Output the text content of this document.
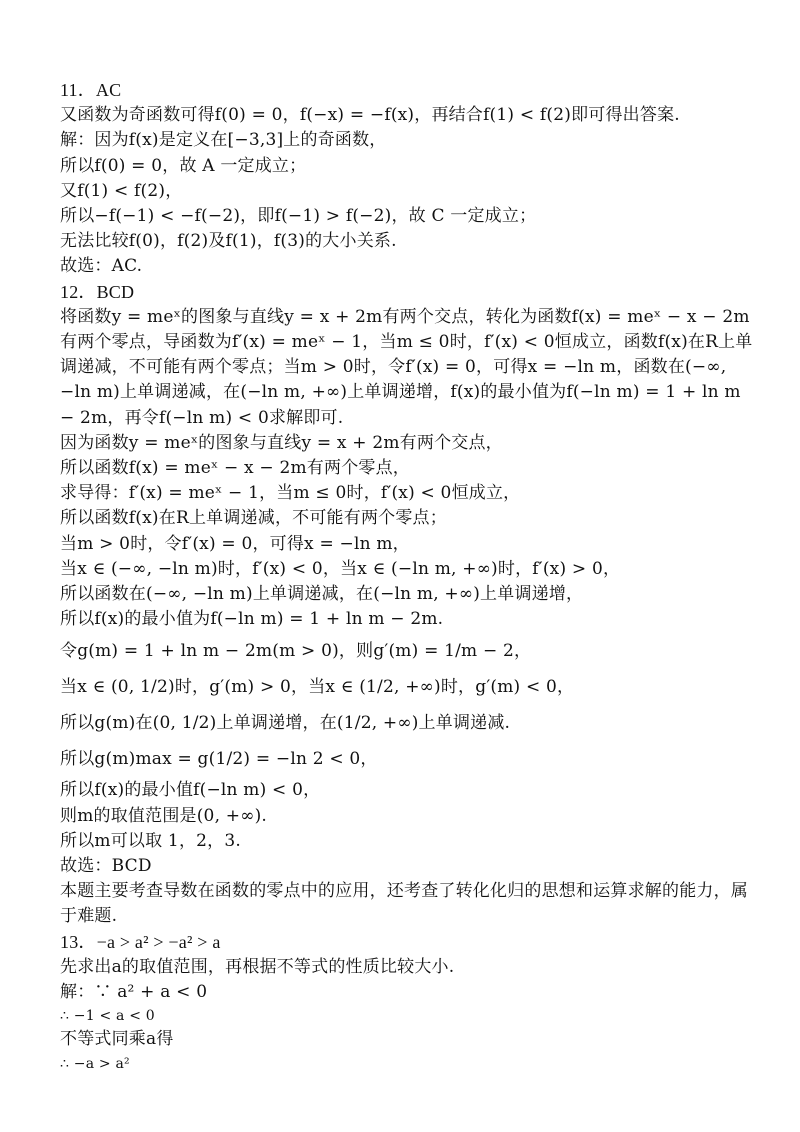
11．AC
又函数为奇函数可得f(0) = 0，f(−x) = −f(x)，再结合f(1) < f(2)即可得出答案.
解：因为f(x)是定义在[−3,3]上的奇函数，
所以f(0) = 0，故 A 一定成立；
又f(1) < f(2)，
所以−f(−1) < −f(−2)，即f(−1) > f(−2)，故 C 一定成立；
无法比较f(0)，f(2)及f(1)，f(3)的大小关系.
故选：AC.
12．BCD
将函数y = meˣ的图象与直线y = x + 2m有两个交点，转化为函数f(x) = meˣ − x − 2m有两个零点，导函数为f′(x) = meˣ − 1，当m ≤ 0时，f′(x) < 0恒成立，函数f(x)在R上单调递减，不可能有两个零点；当m > 0时，令f′(x) = 0，可得x = −ln m，函数在(−∞, −ln m)上单调递减，在(−ln m, +∞)上单调递增，f(x)的最小值为f(−ln m) = 1 + ln m − 2m，再令f(−ln m) < 0求解即可.
因为函数y = meˣ的图象与直线y = x + 2m有两个交点，
所以函数f(x) = meˣ − x − 2m有两个零点，
求导得：f′(x) = meˣ − 1，当m ≤ 0时，f′(x) < 0恒成立，
所以函数f(x)在R上单调递减，不可能有两个零点；
当m > 0时，令f′(x) = 0，可得x = −ln m，
当x ∈ (−∞, −ln m)时，f′(x) < 0，当x ∈ (−ln m, +∞)时，f′(x) > 0，
所以函数在(−∞, −ln m)上单调递减，在(−ln m, +∞)上单调递增，
所以f(x)的最小值为f(−ln m) = 1 + ln m − 2m.
令g(m) = 1 + ln m − 2m(m > 0)，则g′(m) = 1/m − 2，
当x ∈ (0, 1/2)时，g′(m) > 0，当x ∈ (1/2, +∞)时，g′(m) < 0，
所以g(m)在(0, 1/2)上单调递增，在(1/2, +∞)上单调递减.
所以g(m)max = g(1/2) = −ln 2 < 0，
所以f(x)的最小值f(−ln m) < 0，
则m的取值范围是(0, +∞).
所以m可以取 1，2，3.
故选：BCD
本题主要考查导数在函数的零点中的应用，还考查了转化化归的思想和运算求解的能力，属于难题.
13．−a > a² > −a² > a
先求出a的取值范围，再根据不等式的性质比较大小.
解：∵ a² + a < 0
∴ −1 < a < 0
不等式同乘a得
∴ −a > a²
